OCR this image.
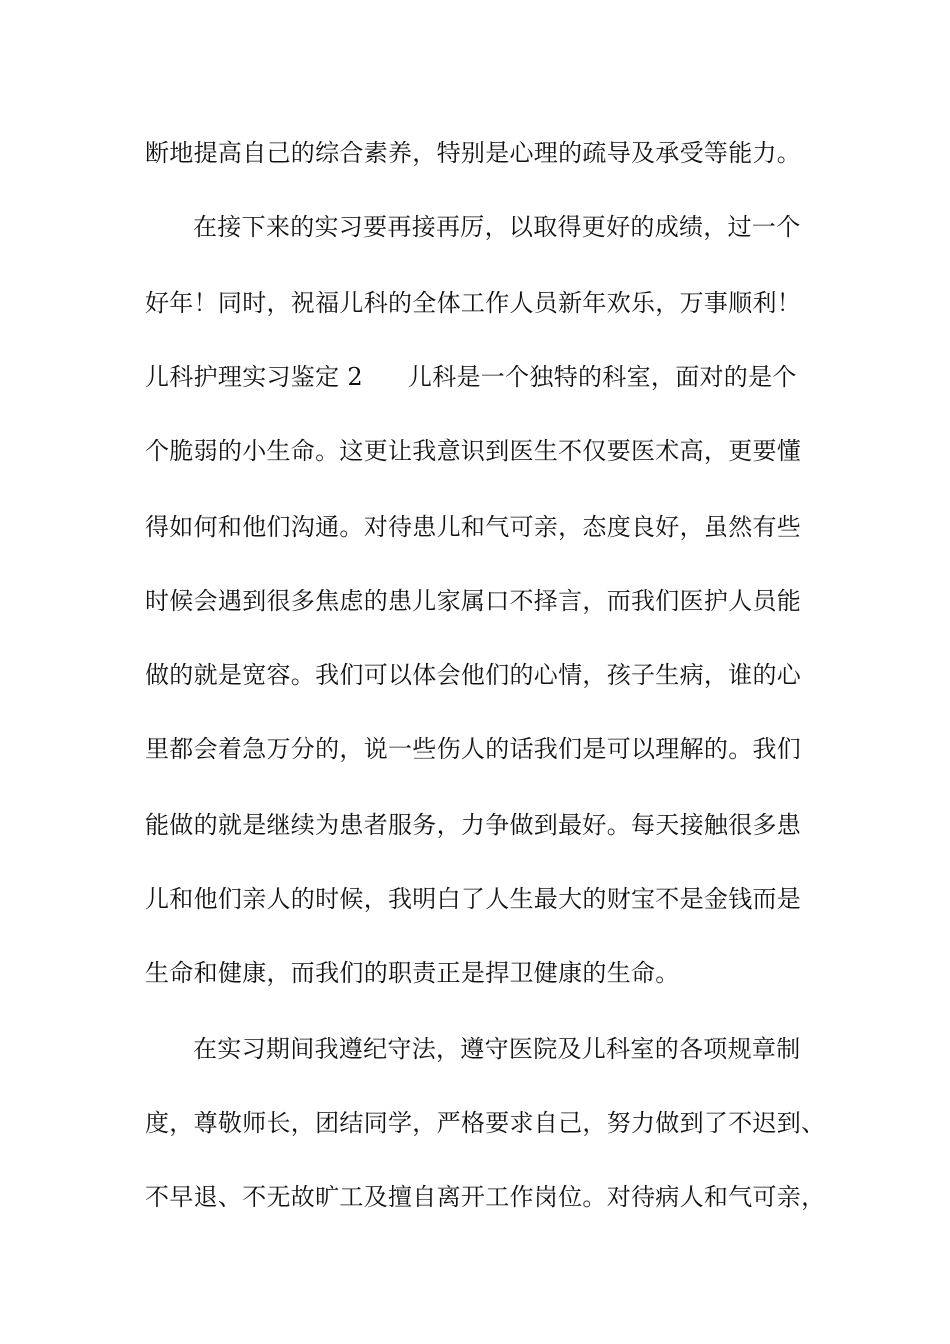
断地提高自己的综合素养，特别是心理的疏导及承受等能力。
在接下来的实习要再接再厉，以取得更好的成绩，过一个
好年！同时，祝福儿科的全体工作人员新年欢乐，万事顺利！
儿科护理实习鉴定 2 儿科是一个独特的科室，面对的是个
个脆弱的小生命。这更让我意识到医生不仅要医术高，更要懂
得如何和他们沟通。对待患儿和气可亲，态度良好，虽然有些
时候会遇到很多焦虑的患儿家属口不择言，而我们医护人员能
做的就是宽容。我们可以体会他们的心情，孩子生病，谁的心
里都会着急万分的，说一些伤人的话我们是可以理解的。我们
能做的就是继续为患者服务，力争做到最好。每天接触很多患
儿和他们亲人的时候，我明白了人生最大的财宝不是金钱而是
生命和健康，而我们的职责正是捍卫健康的生命。
在实习期间我遵纪守法，遵守医院及儿科室的各项规章制
度，尊敬师长，团结同学，严格要求自己，努力做到了不迟到、
不早退、不无故旷工及擅自离开工作岗位。对待病人和气可亲，
